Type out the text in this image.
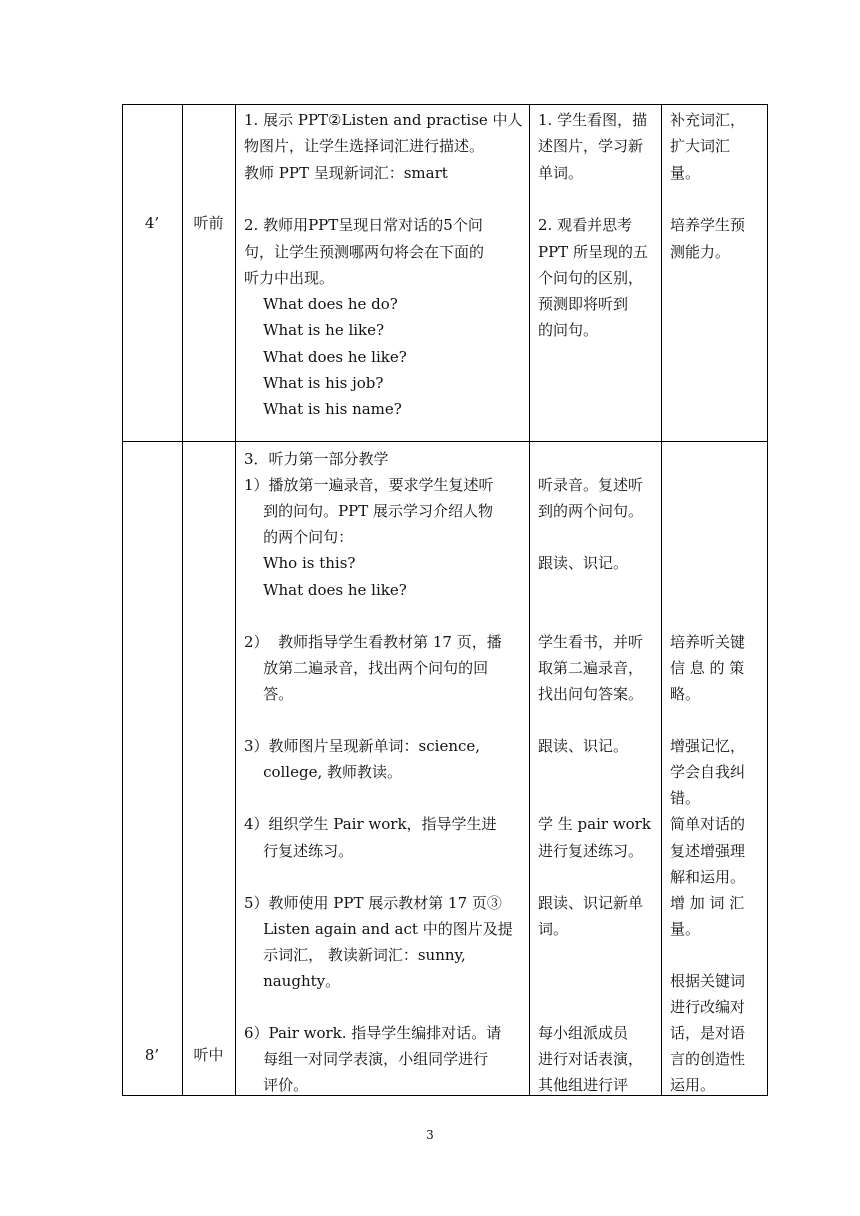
4’	听前
1. 展示 PPT②Listen and practise 中人
物图片，让学生选择词汇进行描述。
教师 PPT 呈现新词汇：smart
2. 教师用PPT呈现日常对话的5个问
句，让学生预测哪两句将会在下面的
听力中出现。
What does he do?
What is he like?
What does he like?
What is his job?
What is his name?
1. 学生看图，描
述图片，学习新
单词。
2. 观看并思考
PPT 所呈现的五
个问句的区别，
预测即将听到
的问句。
补充词汇，
扩大词汇
量。
培养学生预
测能力。
8’	听中
3．听力第一部分教学
1）播放第一遍录音，要求学生复述听
到的问句。PPT 展示学习介绍人物
的两个问句：
Who is this?
What does he like?
2）  教师指导学生看教材第 17 页，播
放第二遍录音，找出两个问句的回
答。
3）教师图片呈现新单词：science,
college, 教师教读。
4）组织学生 Pair work，指导学生进
行复述练习。
5）教师使用 PPT 展示教材第 17 页③
Listen again and act 中的图片及提
示词汇， 教读新词汇：sunny,
naughty。
6）Pair work. 指导学生编排对话。请
每组一对同学表演，小组同学进行
评价。
听录音。复述听
到的两个问句。
跟读、识记。
学生看书，并听
取第二遍录音，
找出问句答案。
跟读、识记。
学 生 pair work
进行复述练习。
跟读、识记新单
词。
每小组派成员
进行对话表演，
其他组进行评
培养听关键
信 息 的 策
略。
增强记忆，
学会自我纠
错。
简单对话的
复述增强理
解和运用。
增 加 词 汇
量。
根据关键词
进行改编对
话，是对语
言的创造性
运用。
3
